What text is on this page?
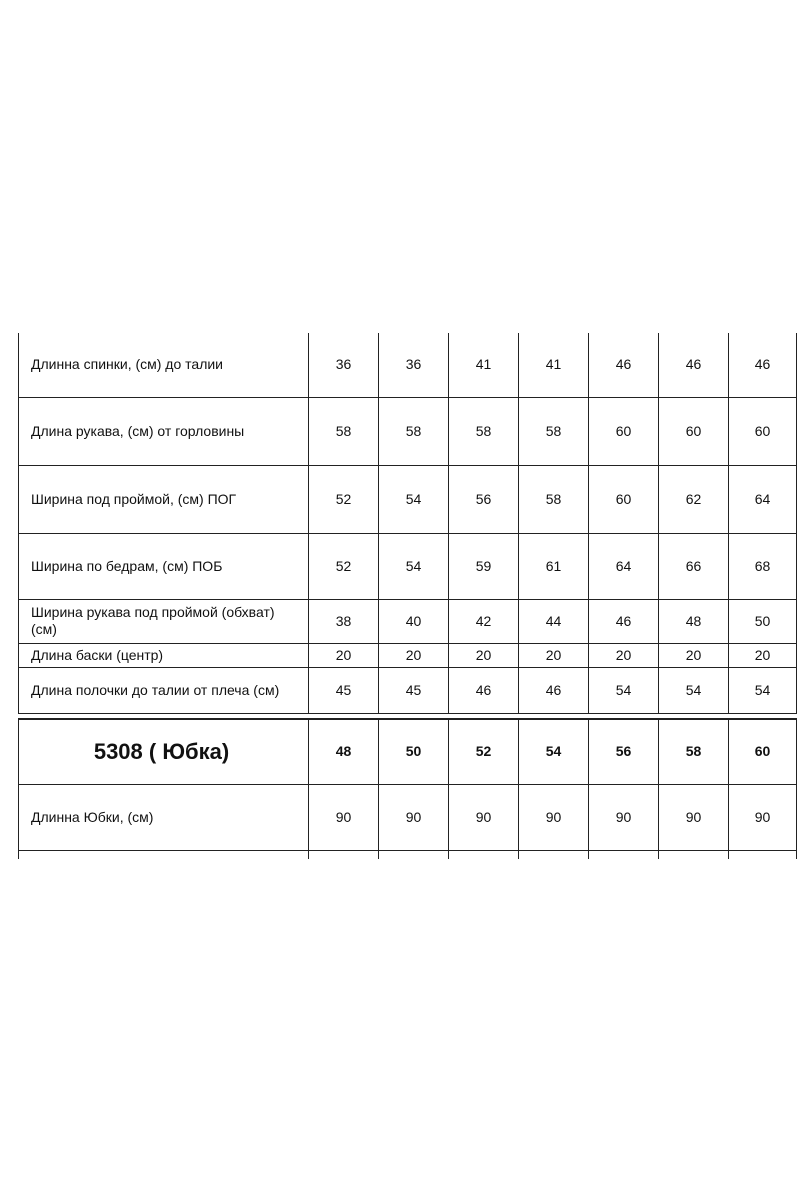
Длинна спинки, (см) до талии	36	36	41	41	46	46	46
Длина рукава, (см) от горловины	58	58	58	58	60	60	60
Ширина под проймой, (см) ПОГ	52	54	56	58	60	62	64
Ширина по бедрам, (см) ПОБ	52	54	59	61	64	66	68
Ширина рукава под проймой (обхват) (см)	38	40	42	44	46	48	50
Длина баски (центр)	20	20	20	20	20	20	20
Длина полочки до талии от плеча (см)	45	45	46	46	54	54	54

5308 ( Юбка)	48	50	52	54	56	58	60
Длинна Юбки, (см)	90	90	90	90	90	90	90
